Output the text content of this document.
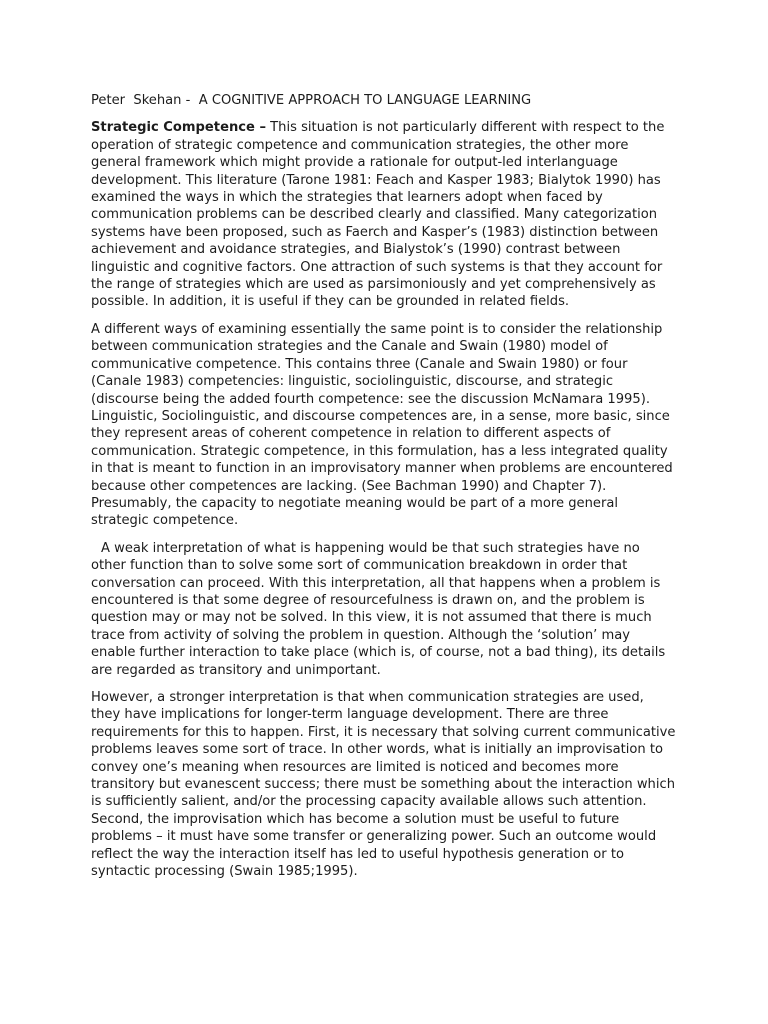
Peter  Skehan -  A COGNITIVE APPROACH TO LANGUAGE LEARNING

Strategic Competence – This situation is not particularly different with respect to the operation of strategic competence and communication strategies, the other more general framework which might provide a rationale for output-led interlanguage development. This literature (Tarone 1981: Feach and Kasper 1983; Bialytok 1990) has examined the ways in which the strategies that learners adopt when faced by communication problems can be described clearly and classified. Many categorization systems have been proposed, such as Faerch and Kasper’s (1983) distinction between achievement and avoidance strategies, and Bialystok’s (1990) contrast between linguistic and cognitive factors. One attraction of such systems is that they account for the range of strategies which are used as parsimoniously and yet comprehensively as possible. In addition, it is useful if they can be grounded in related fields.

A different ways of examining essentially the same point is to consider the relationship between communication strategies and the Canale and Swain (1980) model of communicative competence. This contains three (Canale and Swain 1980) or four (Canale 1983) competencies: linguistic, sociolinguistic, discourse, and strategic (discourse being the added fourth competence: see the discussion McNamara 1995). Linguistic, Sociolinguistic, and discourse competences are, in a sense, more basic, since they represent areas of coherent competence in relation to different aspects of communication. Strategic competence, in this formulation, has a less integrated quality in that is meant to function in an improvisatory manner when problems are encountered because other competences are lacking. (See Bachman 1990) and Chapter 7). Presumably, the capacity to negotiate meaning would be part of a more general strategic competence.

A weak interpretation of what is happening would be that such strategies have no other function than to solve some sort of communication breakdown in order that conversation can proceed. With this interpretation, all that happens when a problem is encountered is that some degree of resourcefulness is drawn on, and the problem is question may or may not be solved. In this view, it is not assumed that there is much trace from activity of solving the problem in question. Although the ‘solution’ may enable further interaction to take place (which is, of course, not a bad thing), its details are regarded as transitory and unimportant.

However, a stronger interpretation is that when communication strategies are used, they have implications for longer-term language development. There are three requirements for this to happen. First, it is necessary that solving current communicative problems leaves some sort of trace. In other words, what is initially an improvisation to convey one’s meaning when resources are limited is noticed and becomes more transitory but evanescent success; there must be something about the interaction which is sufficiently salient, and/or the processing capacity available allows such attention. Second, the improvisation which has become a solution must be useful to future problems – it must have some transfer or generalizing power. Such an outcome would reflect the way the interaction itself has led to useful hypothesis generation or to syntactic processing (Swain 1985;1995).
